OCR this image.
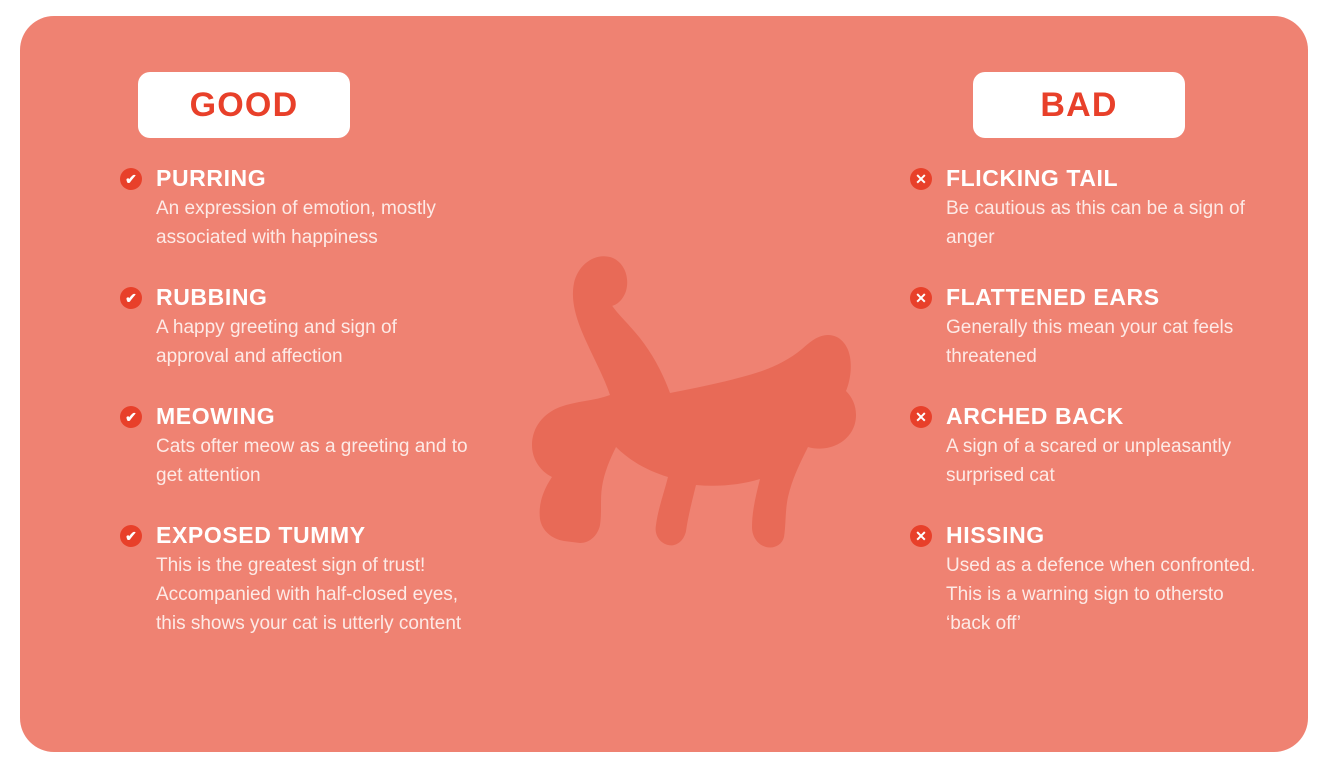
GOOD	BAD
✔ PURRING

An expression of emotion, mostly associated with happiness

✔ RUBBING

A happy greeting and sign of approval and affection

✔ MEOWING

Cats ofter meow as a greeting and to get attention

✔ EXPOSED TUMMY

This is the greatest sign of trust! Accompanied with half-closed eyes, this shows your cat is utterly content

✕ FLICKING TAIL

Be cautious as this can be a sign of anger

✕ FLATTENED EARS

Generally this mean your cat feels threatened

✕ ARCHED BACK

A sign of a scared or unpleasantly surprised cat

✕ HISSING

Used as a defence when confronted. This is a warning sign to othersto ‘back off’
